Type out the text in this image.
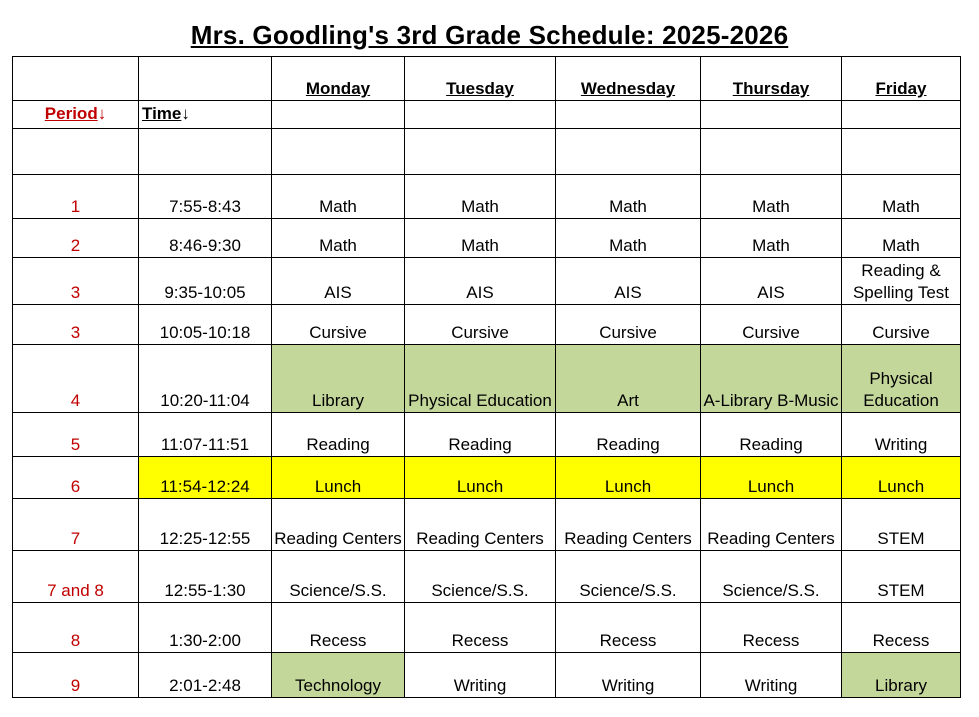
Mrs. Goodling's 3rd Grade Schedule: 2025-2026
		Monday	Tuesday	Wednesday	Thursday	Friday
Period↓	Time↓					

1	7:55-8:43	Math	Math	Math	Math	Math
2	8:46-9:30	Math	Math	Math	Math	Math
3	9:35-10:05	AIS	AIS	AIS	AIS	Reading & Spelling Test
3	10:05-10:18	Cursive	Cursive	Cursive	Cursive	Cursive
4	10:20-11:04	Library	Physical Education	Art	A-Library B-Music	Physical Education
5	11:07-11:51	Reading	Reading	Reading	Reading	Writing
6	11:54-12:24	Lunch	Lunch	Lunch	Lunch	Lunch
7	12:25-12:55	Reading Centers	Reading Centers	Reading Centers	Reading Centers	STEM
7 and 8	12:55-1:30	Science/S.S.	Science/S.S.	Science/S.S.	Science/S.S.	STEM
8	1:30-2:00	Recess	Recess	Recess	Recess	Recess
9	2:01-2:48	Technology	Writing	Writing	Writing	Library
